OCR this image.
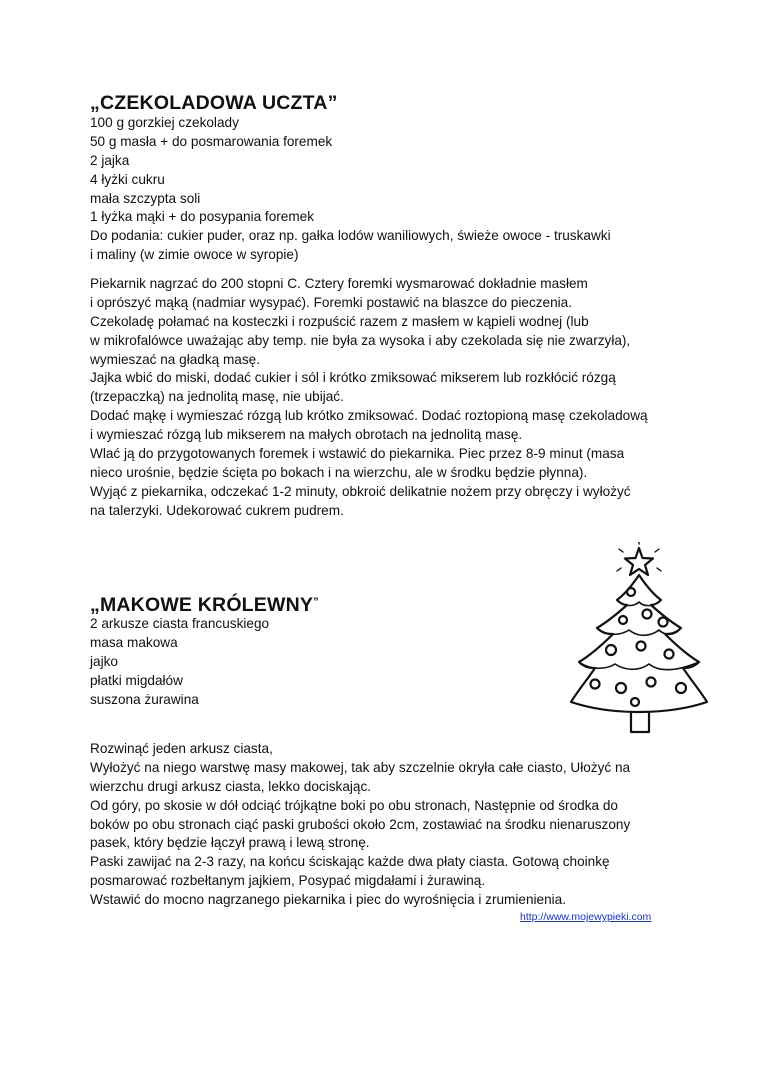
„CZEKOLADOWA UCZTA”
100 g gorzkiej czekolady
50 g masła + do posmarowania foremek
2 jajka
4 łyżki cukru
mała szczypta soli
1 łyżka mąki + do posypania foremek
Do podania: cukier puder, oraz np. gałka lodów waniliowych, świeże owoce - truskawki
i maliny (w zimie owoce w syropie)
Piekarnik nagrzać do 200 stopni C. Cztery foremki wysmarować dokładnie masłem
i oprószyć mąką (nadmiar wysypać). Foremki postawić na blaszce do pieczenia.
Czekoladę połamać na kosteczki i rozpuścić razem z masłem w kąpieli wodnej (lub
w mikrofalówce uważając aby temp. nie była za wysoka i aby czekolada się nie zwarzyła),
wymieszać na gładką masę.
Jajka wbić do miski, dodać cukier i sól i krótko zmiksować mikserem lub rozkłócić rózgą
(trzepaczką) na jednolitą masę, nie ubijać.
Dodać mąkę i wymieszać rózgą lub krótko zmiksować. Dodać roztopioną masę czekoladową
i wymieszać rózgą lub mikserem na małych obrotach na jednolitą masę.
Wlać ją do przygotowanych foremek i wstawić do piekarnika. Piec przez 8-9 minut (masa
nieco urośnie, będzie ścięta po bokach i na wierzchu, ale w środku będzie płynna).
Wyjąć z piekarnika, odczekać 1-2 minuty, obkroić delikatnie nożem przy obręczy i wyłożyć
na talerzyki. Udekorować cukrem pudrem.
„MAKOWE KRÓLEWNY”
2 arkusze ciasta francuskiego
masa makowa
jajko
płatki migdałów
suszona żurawina
Rozwinąć jeden arkusz ciasta,
Wyłożyć na niego warstwę masy makowej, tak aby szczelnie okryła całe ciasto, Ułożyć na
wierzchu drugi arkusz ciasta, lekko dociskając.
Od góry, po skosie w dół odciąć trójkątne boki po obu stronach, Następnie od środka do
boków po obu stronach ciąć paski grubości około 2cm, zostawiać na środku nienaruszony
pasek, który będzie łączył prawą i lewą stronę.
Paski zawijać na 2-3 razy, na końcu ściskając każde dwa płaty ciasta. Gotową choinkę
posmarować rozbełtanym jajkiem, Posypać migdałami i żurawiną.
Wstawić do mocno nagrzanego piekarnika i piec do wyrośnięcia i zrumienienia.
http://www.mojewypieki.com
